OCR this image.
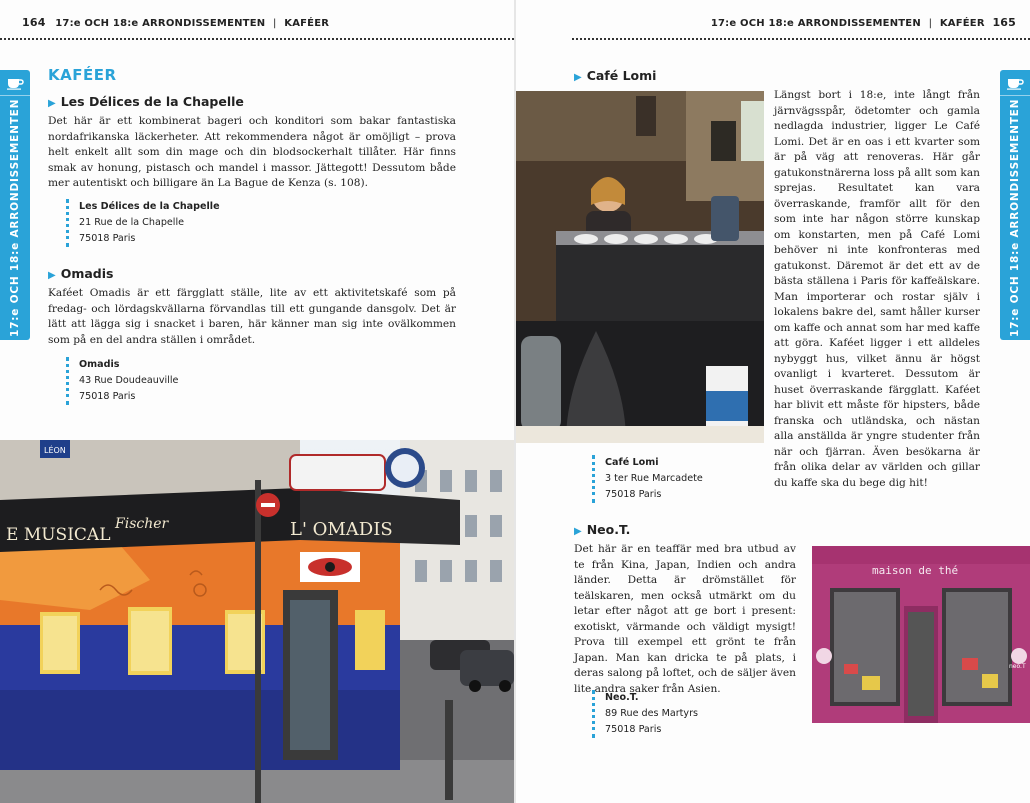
164 17:e OCH 18:e ARRONDISSEMENTEN | KAFÉER
17:e OCH 18:e ARRONDISSEMENTEN
KAFÉER
▶ Les Délices de la Chapelle
Det här är ett kombinerat bageri och konditori som bakar fantastiska nordafrikanska läckerheter. Att rekommendera något är omöjligt – prova helt enkelt allt som din mage och din blodsockerhalt tillåter. Här finns smak av honung, pistasch och mandel i massor. Jättegott! Dessutom både mer autentiskt och billigare än La Bague de Kenza (s. 108).
Les Délices de la Chapelle
21 Rue de la Chapelle
75018 Paris
▶ Omadis
Kaféet Omadis är ett färgglatt ställe, lite av ett aktivitetskafé som på fredag- och lördagskvällarna förvandlas till ett gungande dansgolv. Det är lätt att lägga sig i snacket i baren, här känner man sig inte ovälkommen som på en del andra ställen i området.
Omadis
43 Rue Doudeauville
75018 Paris
E MUSICAL
Fischer	L' OMADIS
LÉON
17:e OCH 18:e ARRONDISSEMENTEN | KAFÉER 165
17:e OCH 18:e ARRONDISSEMENTEN
▶ Café Lomi
Längst bort i 18:e, inte långt från järnvägsspår, ödetomter och gamla nedlagda industrier, ligger Le Café Lomi. Det är en oas i ett kvarter som är på väg att renoveras. Här går gatukonstnärerna loss på allt som kan sprejas. Resultatet kan vara överraskande, framför allt för den som inte har någon större kunskap om konstarten, men på Café Lomi behöver ni inte konfronteras med gatukonst. Däremot är det ett av de bästa ställena i Paris för kaffeälskare. Man importerar och rostar själv i lokalens bakre del, samt håller kurser om kaffe och annat som har med kaffe att göra. Kaféet ligger i ett alldeles nybyggt hus, vilket ännu är högst ovanligt i kvarteret. Dessutom är huset överraskande färgglatt. Kaféet har blivit ett måste för hipsters, både franska och utländska, och nästan alla anställda är yngre studenter från när och fjärran. Även besökarna är från olika delar av världen och gillar du kaffe ska du bege dig hit!
Café Lomi
3 ter Rue Marcadete
75018 Paris
▶ Neo.T.
Det här är en teaffär med bra utbud av te från Kina, Japan, Indien och andra länder. Detta är drömstället för teälskaren, men också utmärkt om du letar efter något att ge bort i present: exotiskt, värmande och väldigt mysigt! Prova till exempel ett grönt te från Japan. Man kan dricka te på plats, i deras salong på loftet, och de säljer även lite andra saker från Asien.
Neo.T.
89 Rue des Martyrs
75018 Paris
maison de thé
neo.T
